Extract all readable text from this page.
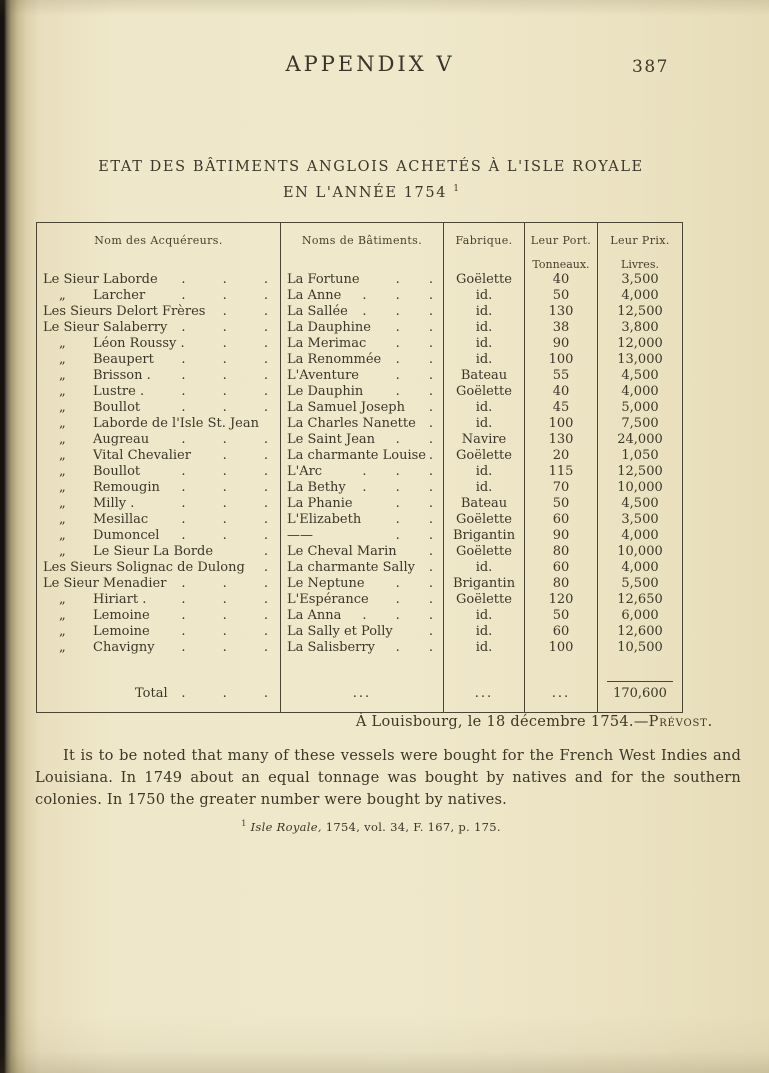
APPENDIX V	387
ETAT DES BÂTIMENTS ANGLOIS ACHETÉS À L'ISLE ROYALE
EN L'ANNÉE 1754 $^1$
Nom des Acquéreurs.	Noms de Bâtiments.	Fabrique.	Leur Port.	Leur Prix.

			Tonneaux.	Livres.
Le Sieur Laborde . . .	La Fortune . .	Goëlette	40	3,500
„ Larcher . . .	La Anne . . .	id.	50	4,000
Les Sieurs Delort Frères . .	La Sallée . . .	id.	130	12,500
Le Sieur Salaberry . . .	La Dauphine . .	id.	38	3,800
„ Léon Roussy . . .	La Merimac . .	id.	90	12,000
„ Beaupert . . .	La Renommée . .	id.	100	13,000
„ Brisson . . . .	L'Aventure . .	Bateau	55	4,500
„ Lustre . . . .	Le Dauphin . .	Goëlette	40	4,000
„ Boullot . . .	La Samuel Joseph .	id.	45	5,000
„ Laborde de l'Isle St. Jean	La Charles Nanette .	id.	100	7,500
„ Augreau . . .	Le Saint Jean . .	Navire	130	24,000
„ Vital Chevalier . .	La charmante Louise .	Goëlette	20	1,050
„ Boullot . . .	L'Arc . . .	id.	115	12,500
„ Remougin . . .	La Bethy . . .	id.	70	10,000
„ Milly . . . .	La Phanie . .	Bateau	50	4,500
„ Mesillac . . .	L'Elizabeth . .	Goëlette	60	3,500
„ Dumoncel . . .	—— . .	Brigantin	90	4,000
„ Le Sieur La Borde .	Le Cheval Marin .	Goëlette	80	10,000
Les Sieurs Solignac de Dulong .	La charmante Sally .	id.	60	4,000
Le Sieur Menadier . . .	Le Neptune . .	Brigantin	80	5,500
„ Hiriart . . . .	L'Espérance . .	Goëlette	120	12,650
„ Lemoine . . .	La Anna . . .	id.	50	6,000
„ Lemoine . . .	La Sally et Polly .	id.	60	12,600
„ Chavigny . . .	La Salisberry . .	id.	100	10,500
Total . . .	...	...	...	170,600
À Louisbourg, le 18 décembre 1754.—Prévost.
It is to be noted that many of these vessels were bought for the French West Indies and Louisiana. In 1749 about an equal tonnage was bought by natives and for the southern colonies. In 1750 the greater number were bought by natives.
$^1$ Isle Royale, 1754, vol. 34, F. 167, p. 175.
